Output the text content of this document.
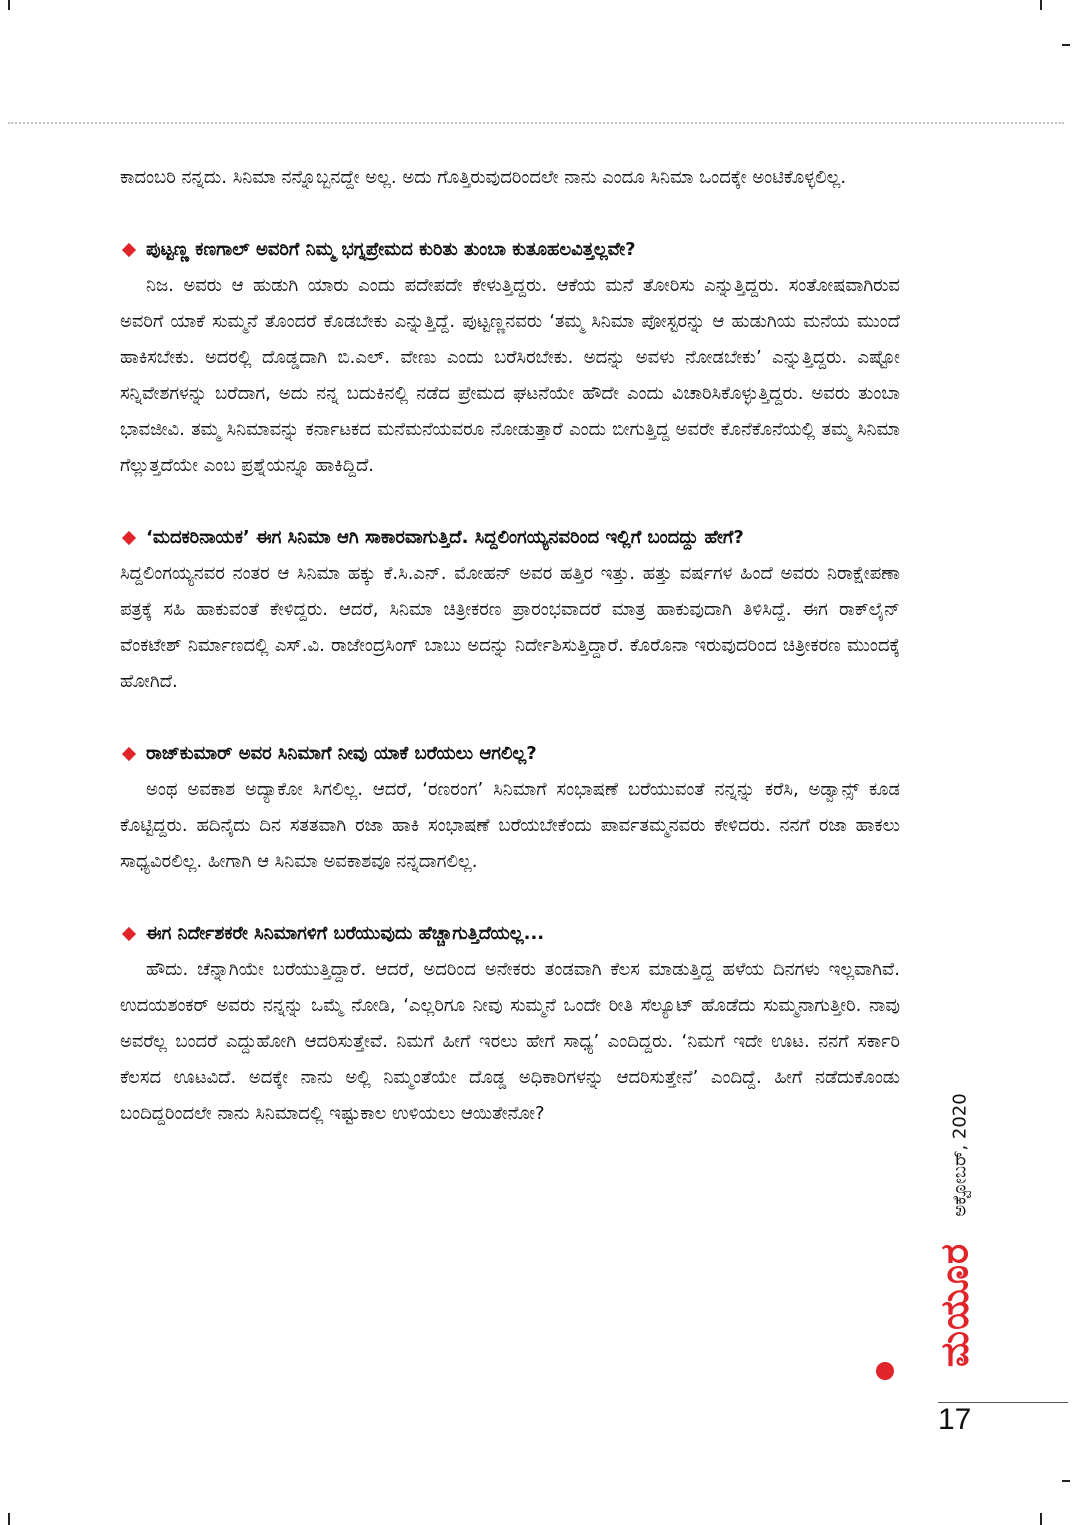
ಕಾದಂಬರಿ ನನ್ನದು. ಸಿನಿಮಾ ನನ್ನೊಬ್ಬನದ್ದೇ ಅಲ್ಲ. ಅದು ಗೊತ್ತಿರುವುದರಿಂದಲೇ ನಾನು ಎಂದೂ ಸಿನಿಮಾ ಒಂದಕ್ಕೇ ಅಂಟಿಕೊಳ್ಳಲಿಲ್ಲ.

ಪುಟ್ಟಣ್ಣ ಕಣಗಾಲ್ ಅವರಿಗೆ ನಿಮ್ಮ ಭಗ್ನಪ್ರೇಮದ ಕುರಿತು ತುಂಬಾ ಕುತೂಹಲವಿತ್ತಲ್ಲವೇ?

ನಿಜ. ಅವರು ಆ ಹುಡುಗಿ ಯಾರು ಎಂದು ಪದೇಪದೇ ಕೇಳುತ್ತಿದ್ದರು. ಆಕೆಯ ಮನೆ ತೋರಿಸು ಎನ್ನುತ್ತಿದ್ದರು. ಸಂತೋಷವಾಗಿರುವ ಅವರಿಗೆ ಯಾಕೆ ಸುಮ್ಮನೆ ತೊಂದರೆ ಕೊಡಬೇಕು ಎನ್ನುತ್ತಿದ್ದೆ. ಪುಟ್ಟಣ್ಣನವರು ‘ತಮ್ಮ ಸಿನಿಮಾ ಪೋಸ್ಟರನ್ನು ಆ ಹುಡುಗಿಯ ಮನೆಯ ಮುಂದೆ ಹಾಕಿಸಬೇಕು. ಅದರಲ್ಲಿ ದೊಡ್ಡದಾಗಿ ಬಿ.ಎಲ್. ವೇಣು ಎಂದು ಬರೆಸಿರಬೇಕು. ಅದನ್ನು ಅವಳು ನೋಡಬೇಕು’ ಎನ್ನುತ್ತಿದ್ದರು. ಎಷ್ಟೋ ಸನ್ನಿವೇಶಗಳನ್ನು ಬರೆದಾಗ, ಅದು ನನ್ನ ಬದುಕಿನಲ್ಲಿ ನಡೆದ ಪ್ರೇಮದ ಘಟನೆಯೇ ಹೌದೇ ಎಂದು ವಿಚಾರಿಸಿಕೊಳ್ಳುತ್ತಿದ್ದರು. ಅವರು ತುಂಬಾ ಭಾವಜೀವಿ. ತಮ್ಮ ಸಿನಿಮಾವನ್ನು ಕರ್ನಾಟಕದ ಮನೆಮನೆಯವರೂ ನೋಡುತ್ತಾರೆ ಎಂದು ಬೀಗುತ್ತಿದ್ದ ಅವರೇ ಕೊನೆಕೊನೆಯಲ್ಲಿ ತಮ್ಮ ಸಿನಿಮಾ ಗೆಲ್ಲುತ್ತದೆಯೇ ಎಂಬ ಪ್ರಶ್ನೆಯನ್ನೂ ಹಾಕಿದ್ದಿದೆ.

‘ಮದಕರಿನಾಯಕ’ ಈಗ ಸಿನಿಮಾ ಆಗಿ ಸಾಕಾರವಾಗುತ್ತಿದೆ. ಸಿದ್ದಲಿಂಗಯ್ಯನವರಿಂದ ಇಲ್ಲಿಗೆ ಬಂದದ್ದು ಹೇಗೆ?

ಸಿದ್ದಲಿಂಗಯ್ಯನವರ ನಂತರ ಆ ಸಿನಿಮಾ ಹಕ್ಕು ಕೆ.ಸಿ.ಎನ್. ಮೋಹನ್ ಅವರ ಹತ್ತಿರ ಇತ್ತು. ಹತ್ತು ವರ್ಷಗಳ ಹಿಂದೆ ಅವರು ನಿರಾಕ್ಷೇಪಣಾ ಪತ್ರಕ್ಕೆ ಸಹಿ ಹಾಕುವಂತೆ ಕೇಳಿದ್ದರು. ಆದರೆ, ಸಿನಿಮಾ ಚಿತ್ರೀಕರಣ ಪ್ರಾರಂಭವಾದರೆ ಮಾತ್ರ ಹಾಕುವುದಾಗಿ ತಿಳಿಸಿದ್ದೆ. ಈಗ ರಾಕ್‌ಲೈನ್ ವೆಂಕಟೇಶ್ ನಿರ್ಮಾಣದಲ್ಲಿ ಎಸ್.ವಿ. ರಾಜೇಂದ್ರಸಿಂಗ್ ಬಾಬು ಅದನ್ನು ನಿರ್ದೇಶಿಸುತ್ತಿದ್ದಾರೆ. ಕೊರೊನಾ ಇರುವುದರಿಂದ ಚಿತ್ರೀಕರಣ ಮುಂದಕ್ಕೆ ಹೋಗಿದೆ.

ರಾಜ್‌ಕುಮಾರ್ ಅವರ ಸಿನಿಮಾಗೆ ನೀವು ಯಾಕೆ ಬರೆಯಲು ಆಗಲಿಲ್ಲ?

ಅಂಥ ಅವಕಾಶ ಅದ್ಯಾಕೋ ಸಿಗಲಿಲ್ಲ. ಆದರೆ, ‘ರಣರಂಗ’ ಸಿನಿಮಾಗೆ ಸಂಭಾಷಣೆ ಬರೆಯುವಂತೆ ನನ್ನನ್ನು ಕರೆಸಿ, ಅಡ್ವಾನ್ಸ್ ಕೂಡ ಕೊಟ್ಟಿದ್ದರು. ಹದಿನೈದು ದಿನ ಸತತವಾಗಿ ರಜಾ ಹಾಕಿ ಸಂಭಾಷಣೆ ಬರೆಯಬೇಕೆಂದು ಪಾರ್ವತಮ್ಮನವರು ಕೇಳಿದರು. ನನಗೆ ರಜಾ ಹಾಕಲು ಸಾಧ್ಯವಿರಲಿಲ್ಲ. ಹೀಗಾಗಿ ಆ ಸಿನಿಮಾ ಅವಕಾಶವೂ ನನ್ನದಾಗಲಿಲ್ಲ.

ಈಗ ನಿರ್ದೇಶಕರೇ ಸಿನಿಮಾಗಳಿಗೆ ಬರೆಯುವುದು ಹೆಚ್ಚಾಗುತ್ತಿದೆಯಲ್ಲ...

ಹೌದು. ಚೆನ್ನಾಗಿಯೇ ಬರೆಯುತ್ತಿದ್ದಾರೆ. ಆದರೆ, ಅದರಿಂದ ಅನೇಕರು ತಂಡವಾಗಿ ಕೆಲಸ ಮಾಡುತ್ತಿದ್ದ ಹಳೆಯ ದಿನಗಳು ಇಲ್ಲವಾಗಿವೆ. ಉದಯಶಂಕರ್ ಅವರು ನನ್ನನ್ನು ಒಮ್ಮೆ ನೋಡಿ, ‘ಎಲ್ಲರಿಗೂ ನೀವು ಸುಮ್ಮನೆ ಒಂದೇ ರೀತಿ ಸೆಲ್ಯೂಟ್ ಹೊಡೆದು ಸುಮ್ಮನಾಗುತ್ತೀರಿ. ನಾವು ಅವರೆಲ್ಲ ಬಂದರೆ ಎದ್ದುಹೋಗಿ ಆದರಿಸುತ್ತೇವೆ. ನಿಮಗೆ ಹೀಗೆ ಇರಲು ಹೇಗೆ ಸಾಧ್ಯ’ ಎಂದಿದ್ದರು. ‘ನಿಮಗೆ ಇದೇ ಊಟ. ನನಗೆ ಸರ್ಕಾರಿ ಕೆಲಸದ ಊಟವಿದೆ. ಅದಕ್ಕೇ ನಾನು ಅಲ್ಲಿ ನಿಮ್ಮಂತೆಯೇ ದೊಡ್ಡ ಅಧಿಕಾರಿಗಳನ್ನು ಆದರಿಸುತ್ತೇನೆ’ ಎಂದಿದ್ದೆ. ಹೀಗೆ ನಡೆದುಕೊಂಡು ಬಂದಿದ್ದರಿಂದಲೇ ನಾನು ಸಿನಿಮಾದಲ್ಲಿ ಇಷ್ಟುಕಾಲ ಉಳಿಯಲು ಆಯಿತೇನೋ?	ಅಕ್ಟೋಬರ್, 2020
ಮಯೂರ
17
